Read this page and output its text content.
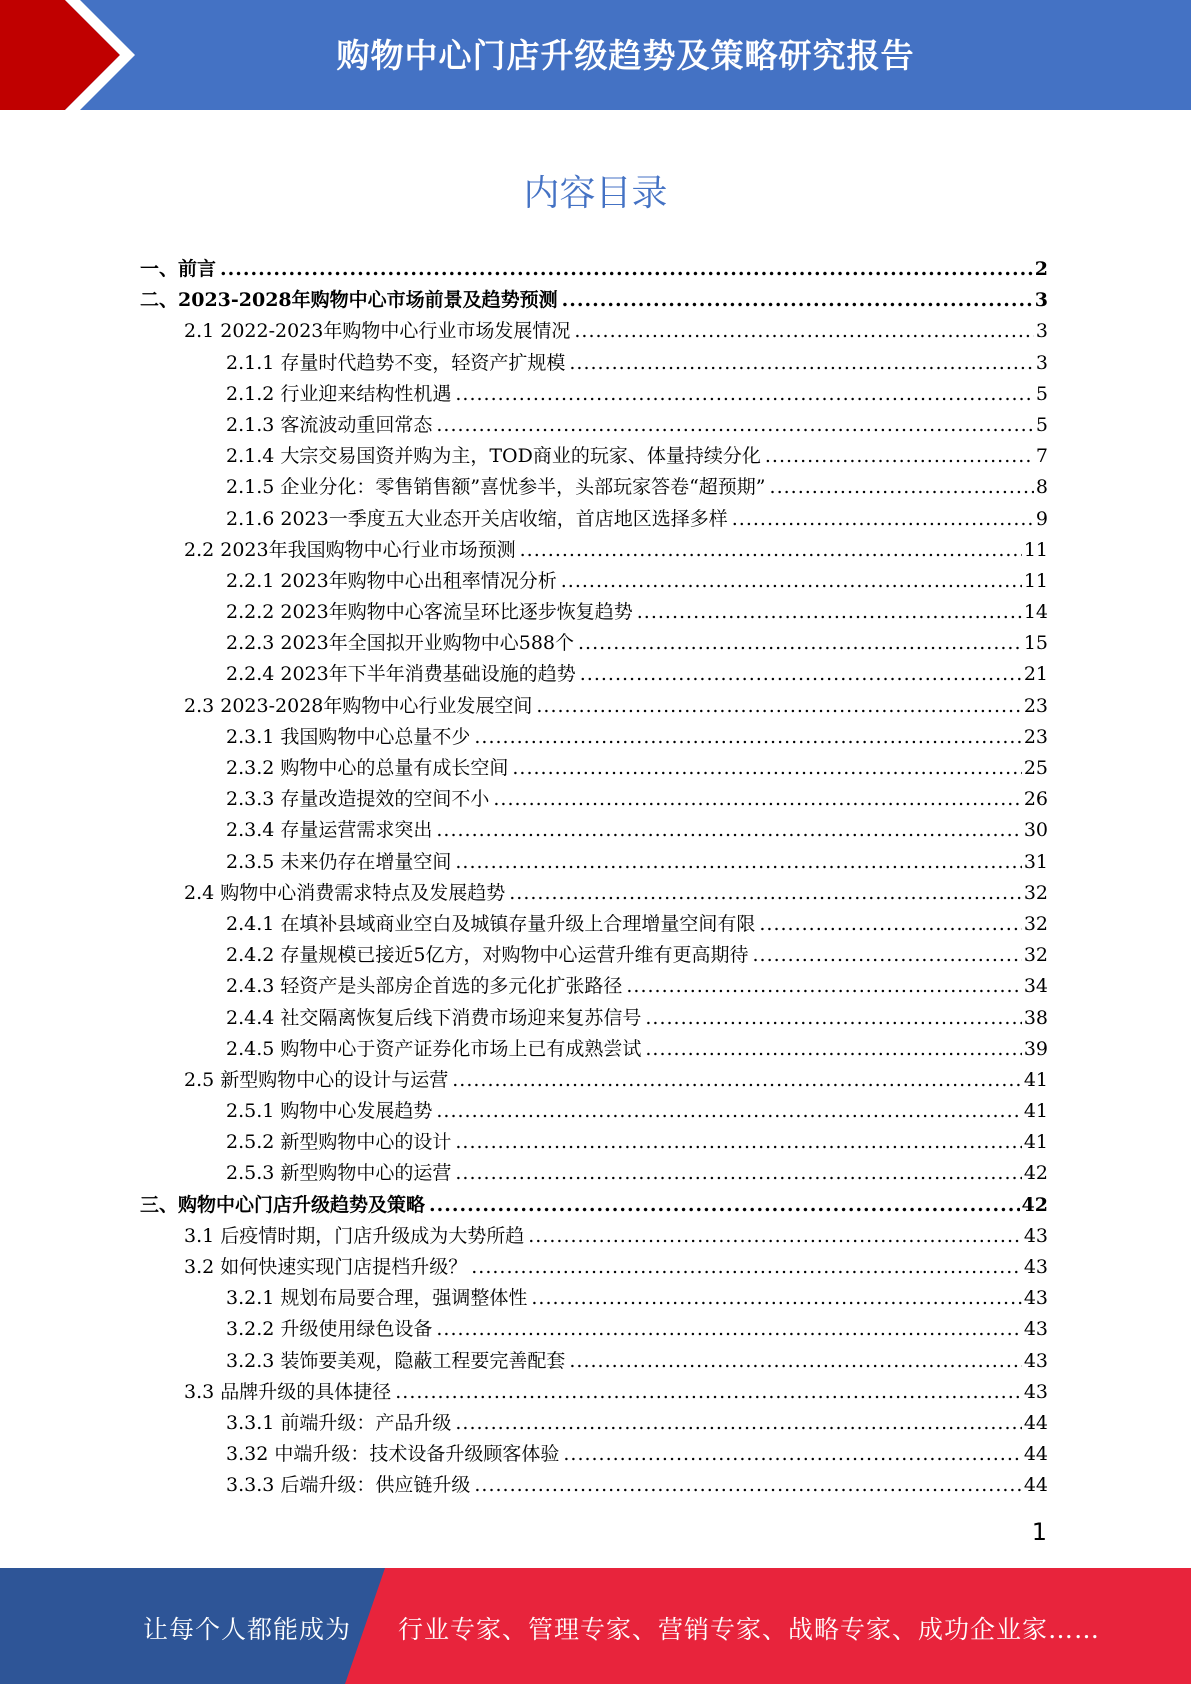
购物中心门店升级趋势及策略研究报告
内容目录
一、前言 .....	2
二、2023-2028年购物中心市场前景及趋势预测 .....	3
2.1 2022-2023年购物中心行业市场发展情况 .....	3
2.1.1 存量时代趋势不变，轻资产扩规模 .....	3
2.1.2 行业迎来结构性机遇 .....	5
2.1.3 客流波动重回常态 .....	5
2.1.4 大宗交易国资并购为主，TOD商业的玩家、体量持续分化 .....	7
2.1.5 企业分化：零售销售额”喜忧参半，头部玩家答卷“超预期” .....	8
2.1.6 2023一季度五大业态开关店收缩，首店地区选择多样 .....	9
2.2 2023年我国购物中心行业市场预测 .....	11
2.2.1 2023年购物中心出租率情况分析 .....	11
2.2.2 2023年购物中心客流呈环比逐步恢复趋势 .....	14
2.2.3 2023年全国拟开业购物中心588个 .....	15
2.2.4 2023年下半年消费基础设施的趋势 .....	21
2.3 2023-2028年购物中心行业发展空间 .....	23
2.3.1 我国购物中心总量不少 .....	23
2.3.2 购物中心的总量有成长空间 .....	25
2.3.3 存量改造提效的空间不小 .....	26
2.3.4 存量运营需求突出 .....	30
2.3.5 未来仍存在增量空间 .....	31
2.4 购物中心消费需求特点及发展趋势 .....	32
2.4.1 在填补县域商业空白及城镇存量升级上合理增量空间有限 .....	32
2.4.2 存量规模已接近5亿方，对购物中心运营升维有更高期待 .....	32
2.4.3 轻资产是头部房企首选的多元化扩张路径 .....	34
2.4.4 社交隔离恢复后线下消费市场迎来复苏信号 .....	38
2.4.5 购物中心于资产证券化市场上已有成熟尝试 .....	39
2.5 新型购物中心的设计与运营 .....	41
2.5.1 购物中心发展趋势 .....	41
2.5.2 新型购物中心的设计 .....	41
2.5.3 新型购物中心的运营 .....	42
三、购物中心门店升级趋势及策略 .....	42
3.1 后疫情时期，门店升级成为大势所趋 .....	43
3.2 如何快速实现门店提档升级？ .....	43
3.2.1 规划布局要合理，强调整体性 .....	43
3.2.2 升级使用绿色设备 .....	43
3.2.3 装饰要美观，隐蔽工程要完善配套 .....	43
3.3 品牌升级的具体捷径 .....	43
3.3.1 前端升级：产品升级 .....	44
3.32 中端升级：技术设备升级顾客体验 .....	44
3.3.3 后端升级：供应链升级 .....	44
1
让每个人都能成为 行业专家、管理专家、营销专家、战略专家、成功企业家……
